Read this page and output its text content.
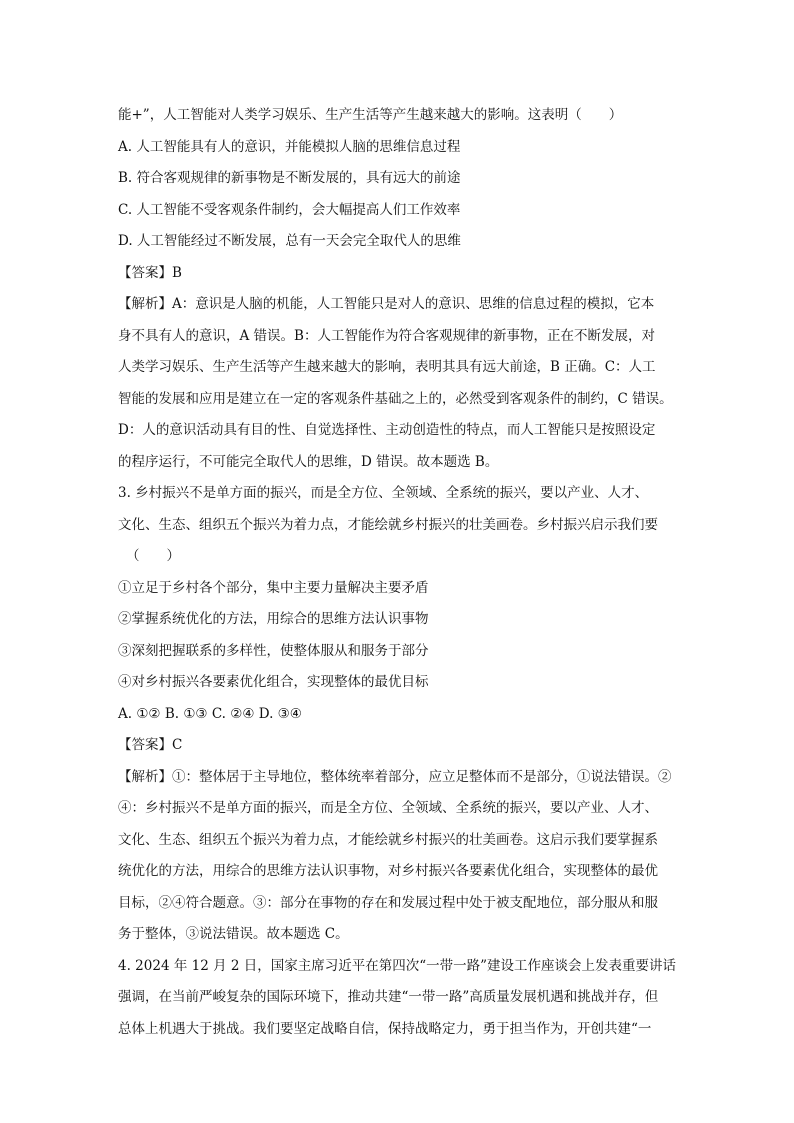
能+”，人工智能对人类学习娱乐、生产生活等产生越来越大的影响。这表明（　　）
A. 人工智能具有人的意识，并能模拟人脑的思维信息过程
B. 符合客观规律的新事物是不断发展的，具有远大的前途
C. 人工智能不受客观条件制约，会大幅提高人们工作效率
D. 人工智能经过不断发展，总有一天会完全取代人的思维
【答案】B
【解析】A：意识是人脑的机能，人工智能只是对人的意识、思维的信息过程的模拟，它本
身不具有人的意识，A 错误。B：人工智能作为符合客观规律的新事物，正在不断发展，对
人类学习娱乐、生产生活等产生越来越大的影响，表明其具有远大前途，B 正确。C：人工
智能的发展和应用是建立在一定的客观条件基础之上的，必然受到客观条件的制约，C 错误。
D：人的意识活动具有目的性、自觉选择性、主动创造性的特点，而人工智能只是按照设定
的程序运行，不可能完全取代人的思维，D 错误。故本题选 B。
3. 乡村振兴不是单方面的振兴，而是全方位、全领域、全系统的振兴，要以产业、人才、
文化、生态、组织五个振兴为着力点，才能绘就乡村振兴的壮美画卷。乡村振兴启示我们要
（　　）
①立足于乡村各个部分，集中主要力量解决主要矛盾
②掌握系统优化的方法，用综合的思维方法认识事物
③深刻把握联系的多样性，使整体服从和服务于部分
④对乡村振兴各要素优化组合，实现整体的最优目标
A. ①② B. ①③ C. ②④ D. ③④
【答案】C
【解析】①：整体居于主导地位，整体统率着部分，应立足整体而不是部分，①说法错误。②
④：乡村振兴不是单方面的振兴，而是全方位、全领域、全系统的振兴，要以产业、人才、
文化、生态、组织五个振兴为着力点，才能绘就乡村振兴的壮美画卷。这启示我们要掌握系
统优化的方法，用综合的思维方法认识事物，对乡村振兴各要素优化组合，实现整体的最优
目标，②④符合题意。③：部分在事物的存在和发展过程中处于被支配地位，部分服从和服
务于整体，③说法错误。故本题选 C。
4. 2024 年 12 月 2 日，国家主席习近平在第四次“一带一路”建设工作座谈会上发表重要讲话
强调，在当前严峻复杂的国际环境下，推动共建“一带一路”高质量发展机遇和挑战并存，但
总体上机遇大于挑战。我们要坚定战略自信，保持战略定力，勇于担当作为，开创共建“一
